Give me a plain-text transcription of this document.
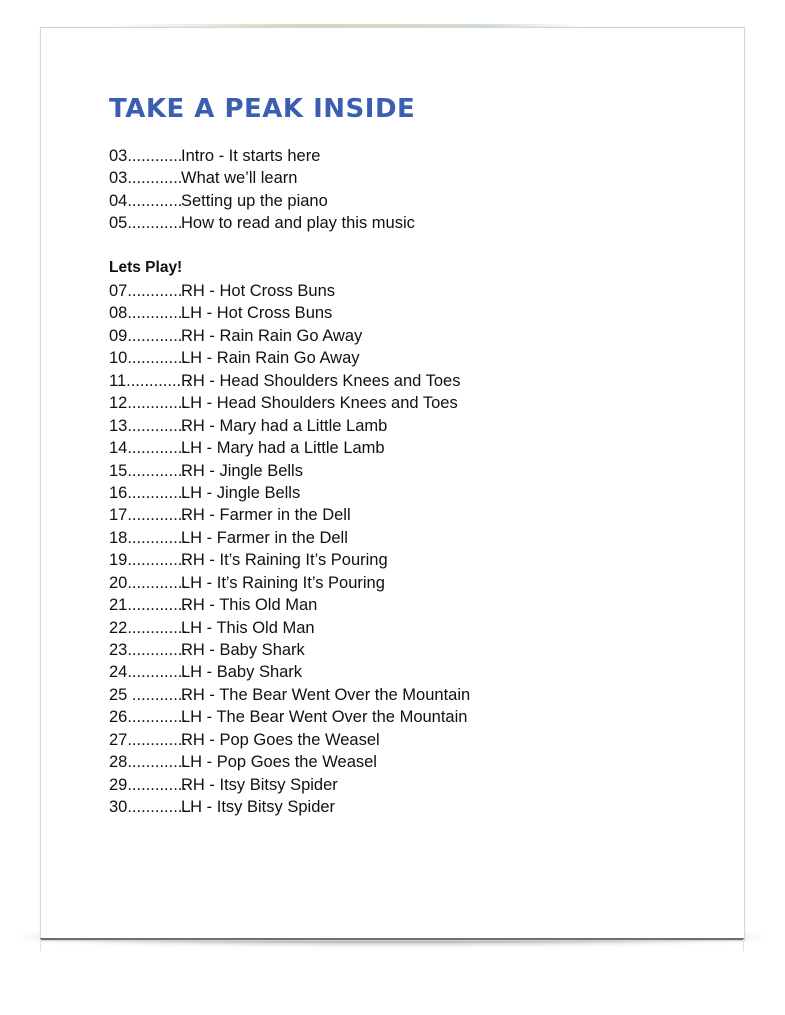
TAKE A PEAK INSIDE
03............
Intro - It starts here
03............
What we’ll learn
04............
Setting up the piano
05............
How to read and play this music
Lets Play!
07............
RH - Hot Cross Buns
08............
LH - Hot Cross Buns
09............
RH - Rain Rain Go Away
10.............
LH - Rain Rain Go Away
11..............
RH - Head Shoulders Knees and Toes
12.............
LH - Head Shoulders Knees and Toes
13.............
RH - Mary had a Little Lamb
14.............
LH - Mary had a Little Lamb
15.............
RH - Jingle Bells
16.............
LH - Jingle Bells
17.............
RH - Farmer in the Dell
18.............
LH - Farmer in the Dell
19.............
RH - It’s Raining It’s Pouring
20.............
LH - It’s Raining It’s Pouring
21.............
RH - This Old Man
22.............
LH - This Old Man
23.............
RH - Baby Shark
24.............
LH - Baby Shark
25 ............
RH - The Bear Went Over the Mountain
26.............
LH - The Bear Went Over the Mountain
27.............
RH - Pop Goes the Weasel
28.............
LH - Pop Goes the Weasel
29.............
RH - Itsy Bitsy Spider
30..............
LH - Itsy Bitsy Spider
